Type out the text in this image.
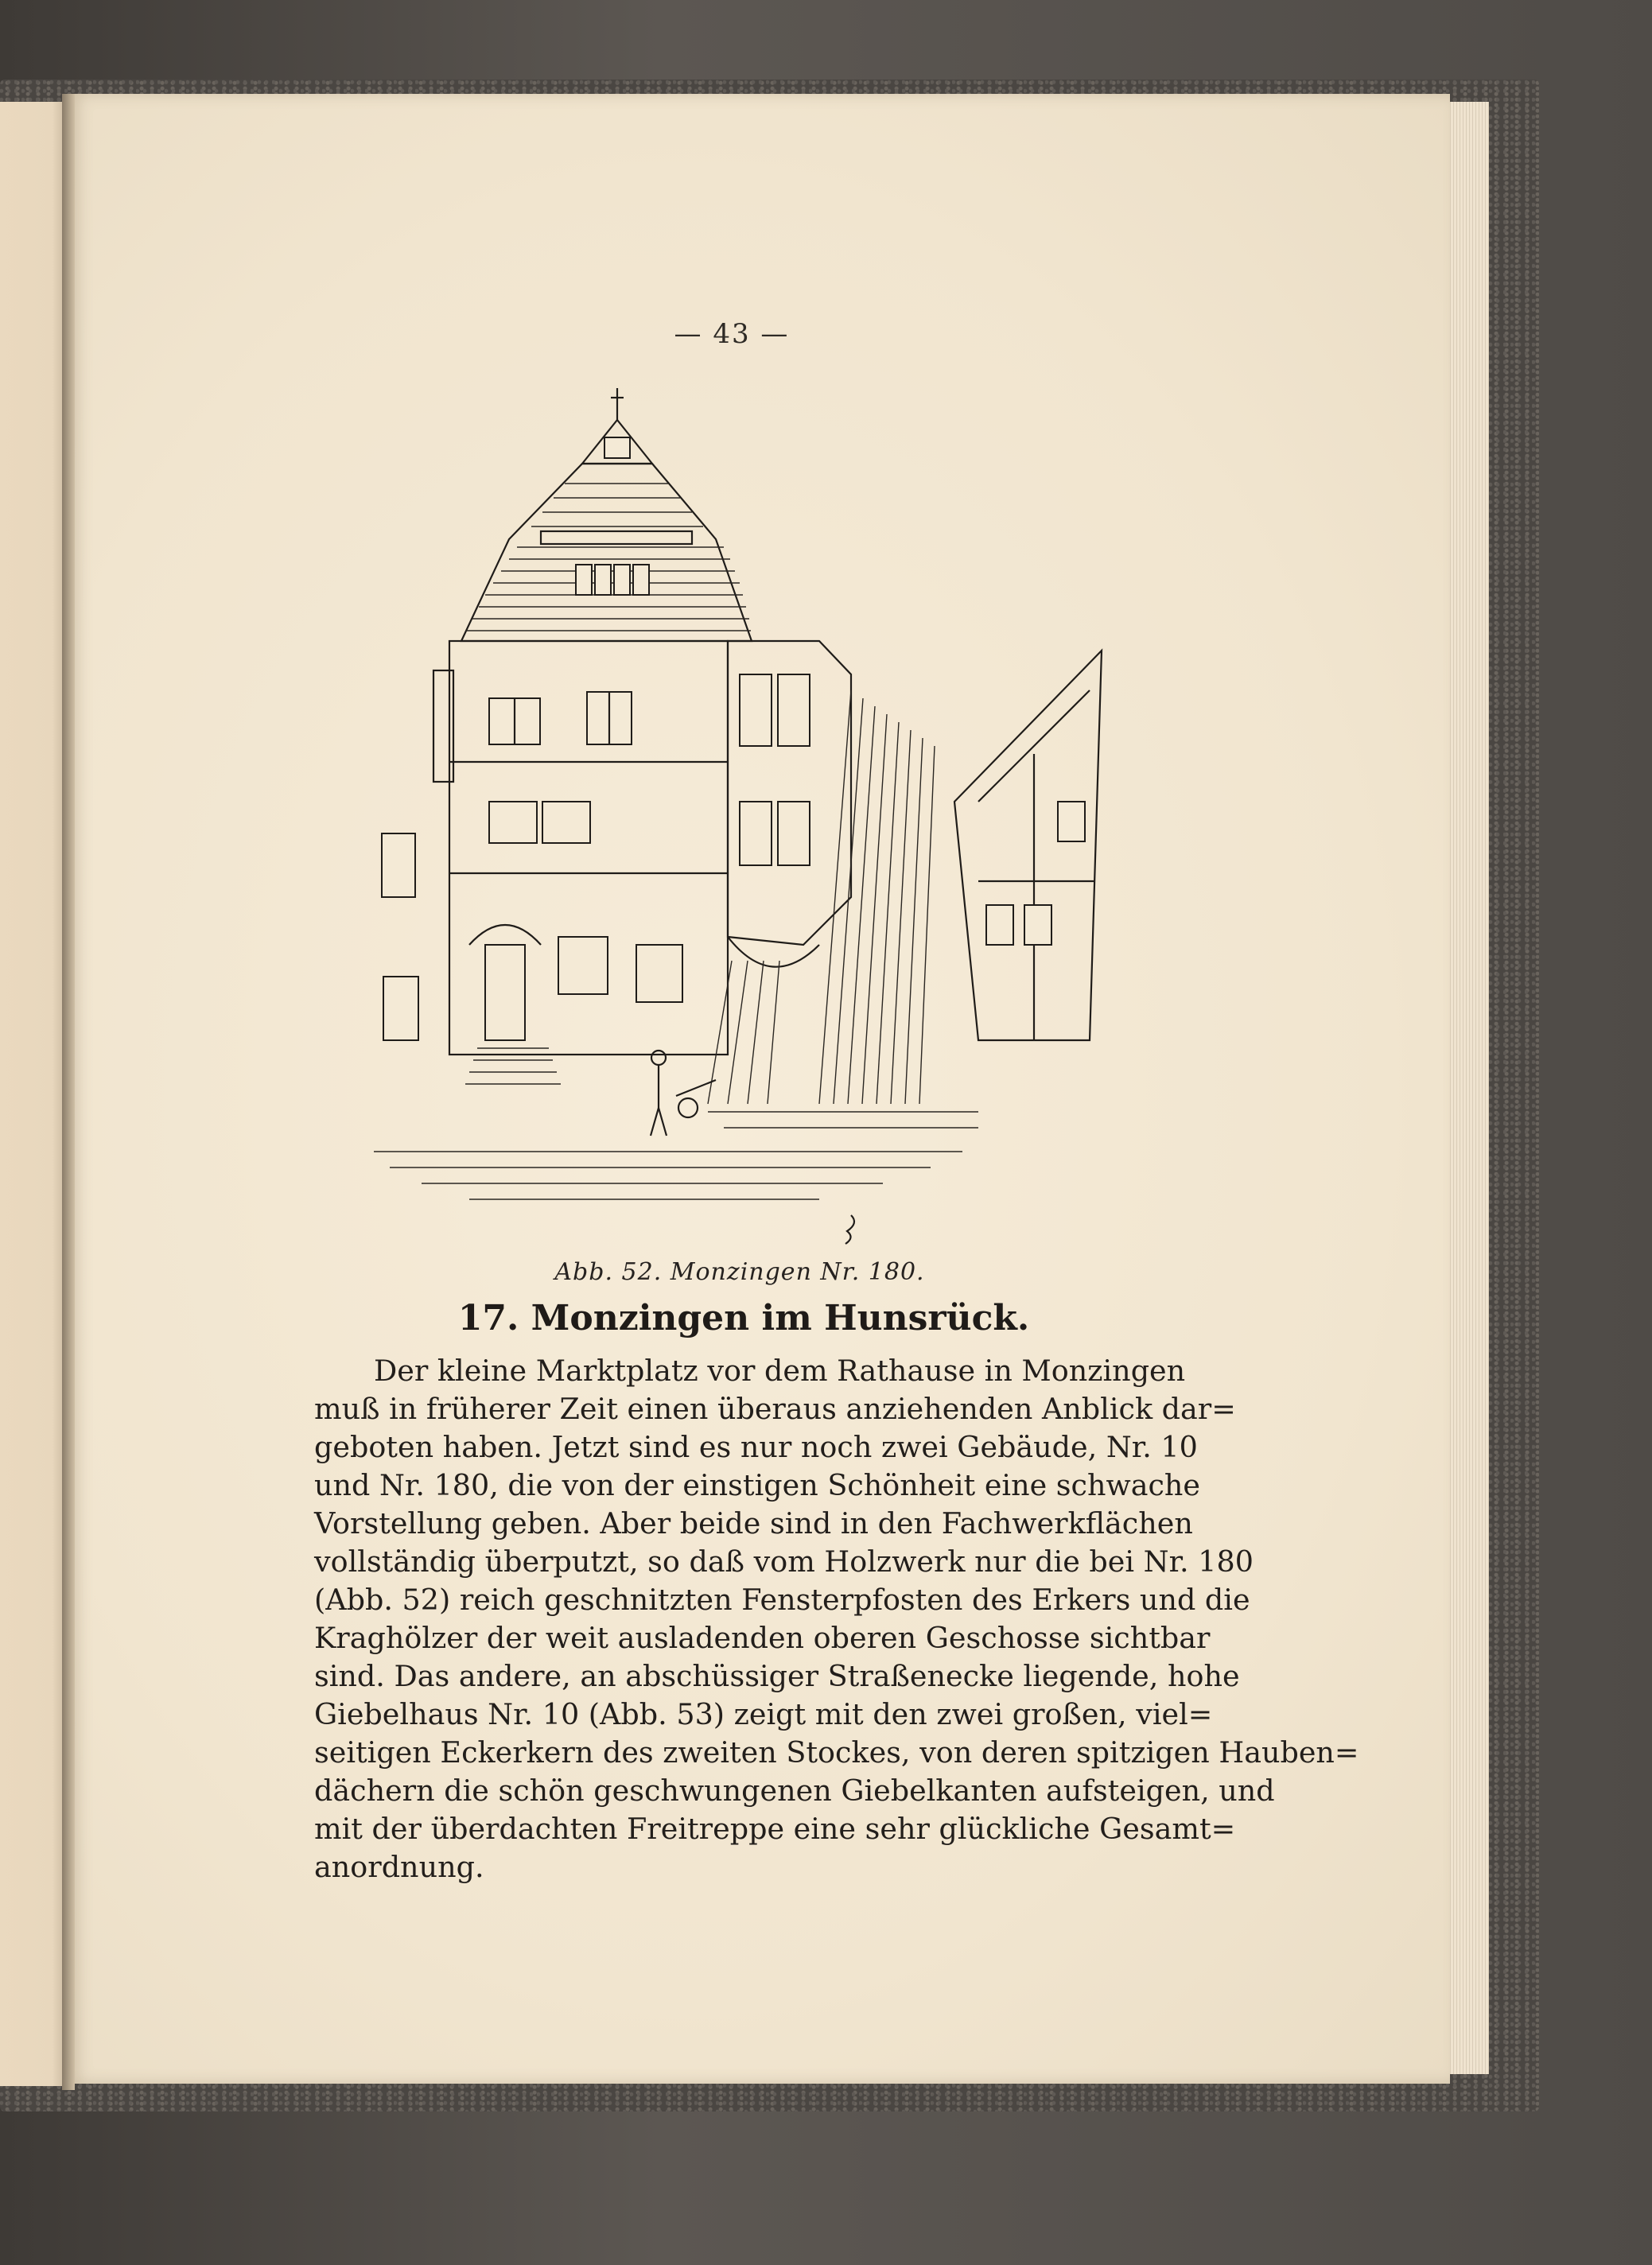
— 43 —
Abb. 52. Monzingen Nr. 180.
17. Monzingen im Hunsrück.
Der kleine Marktplatz vor dem Rathause in Monzingen
muß in früherer Zeit einen überaus anziehenden Anblick dar=
geboten haben. Jetzt sind es nur noch zwei Gebäude, Nr. 10
und Nr. 180, die von der einstigen Schönheit eine schwache
Vorstellung geben. Aber beide sind in den Fachwerkflächen
vollständig überputzt, so daß vom Holzwerk nur die bei Nr. 180
(Abb. 52) reich geschnitzten Fensterpfosten des Erkers und die
Kraghölzer der weit ausladenden oberen Geschosse sichtbar
sind. Das andere, an abschüssiger Straßenecke liegende, hohe
Giebelhaus Nr. 10 (Abb. 53) zeigt mit den zwei großen, viel=
seitigen Eckerkern des zweiten Stockes, von deren spitzigen Hauben=
dächern die schön geschwungenen Giebelkanten aufsteigen, und
mit der überdachten Freitreppe eine sehr glückliche Gesamt=
anordnung.
